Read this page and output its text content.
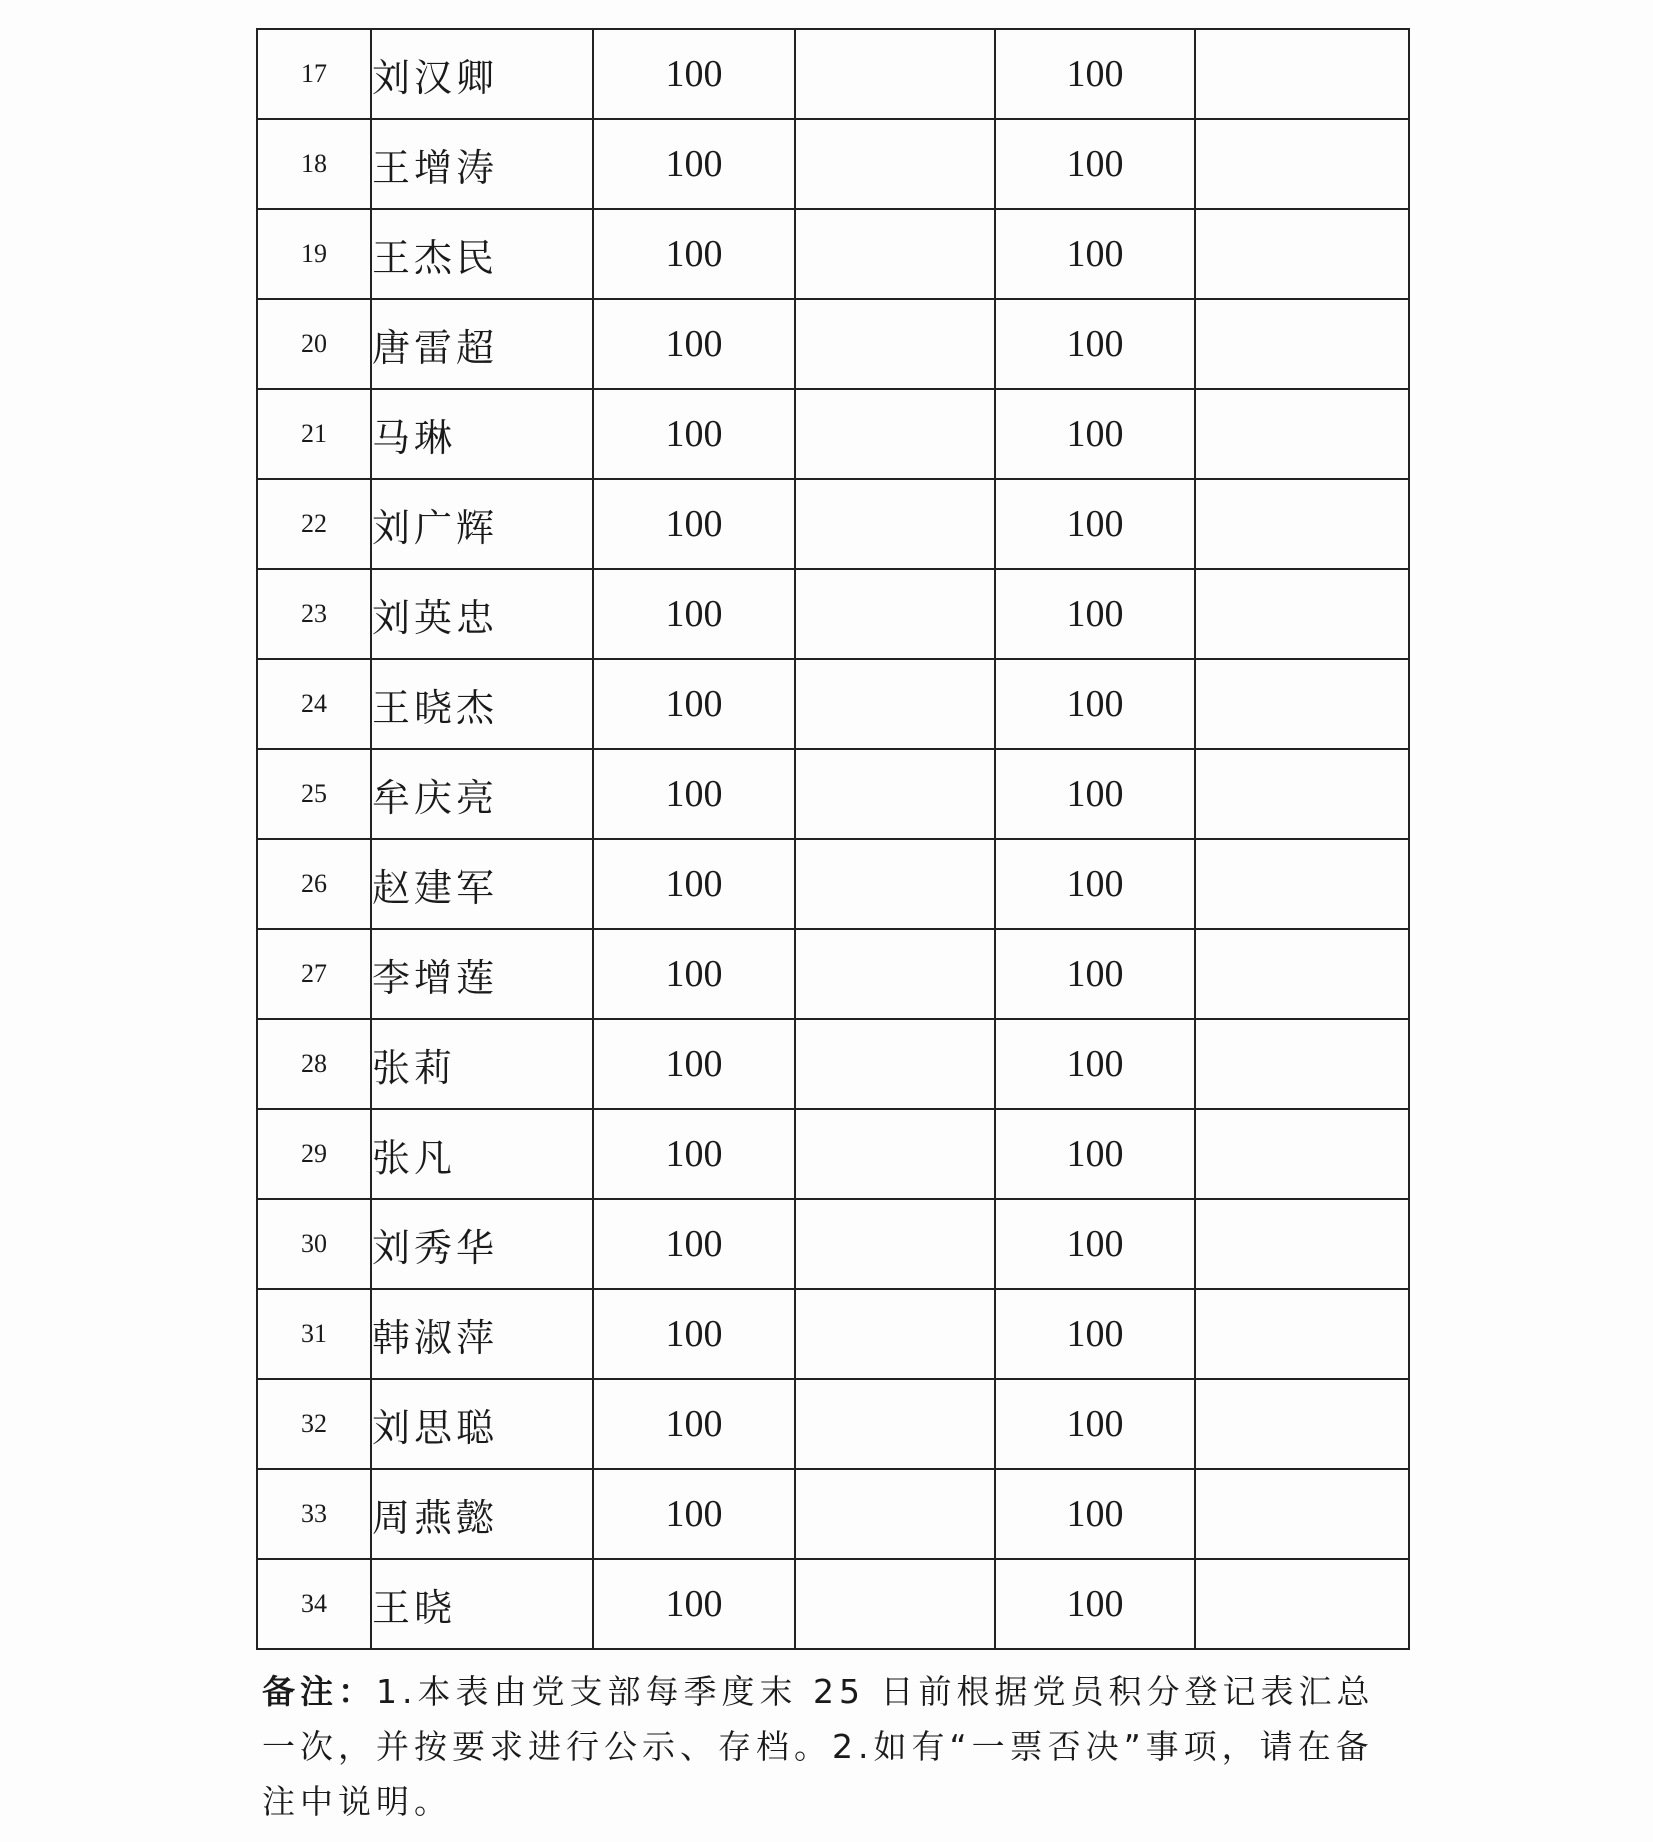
17	刘汉卿	100		100	
18	王增涛	100		100	
19	王杰民	100		100	
20	唐雷超	100		100	
21	马琳	100		100	
22	刘广辉	100		100	
23	刘英忠	100		100	
24	王晓杰	100		100	
25	牟庆亮	100		100	
26	赵建军	100		100	
27	李增莲	100		100	
28	张莉	100		100	
29	张凡	100		100	
30	刘秀华	100		100	
31	韩淑萍	100		100	
32	刘思聪	100		100	
33	周燕懿	100		100	
34	王晓	100		100	
备注：1.本表由党支部每季度末 25 日前根据党员积分登记表汇总一次，并按要求进行公示、存档。2.如有“一票否决”事项，请在备注中说明。
